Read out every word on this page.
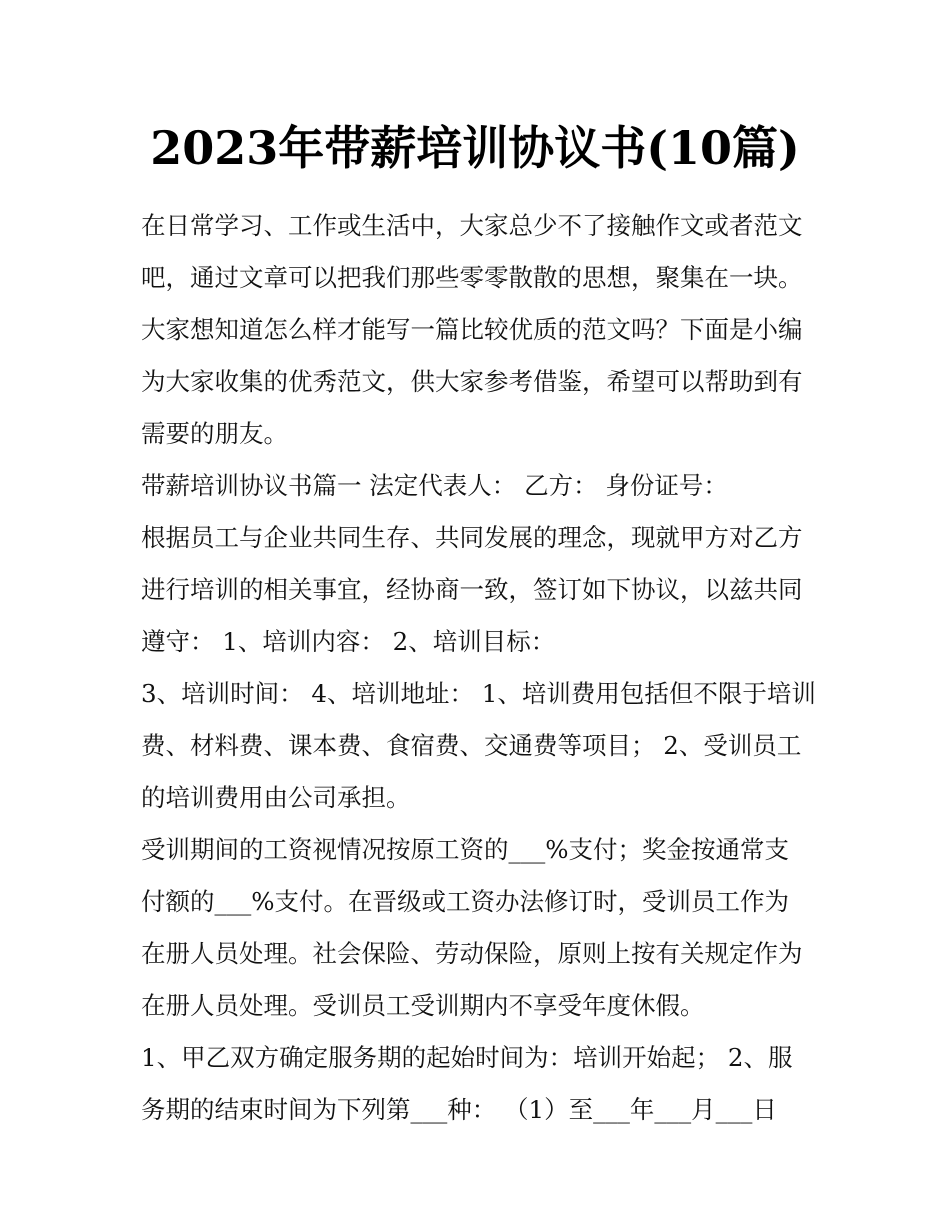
2023年带薪培训协议书(10篇)
在日常学习、工作或生活中，大家总少不了接触作文或者范文
吧，通过文章可以把我们那些零零散散的思想，聚集在一块。
大家想知道怎么样才能写一篇比较优质的范文吗？下面是小编
为大家收集的优秀范文，供大家参考借鉴，希望可以帮助到有
需要的朋友。
带薪培训协议书篇一 法定代表人： 乙方： 身份证号：
根据员工与企业共同生存、共同发展的理念，现就甲方对乙方
进行培训的相关事宜，经协商一致，签订如下协议，以兹共同
遵守： 1、培训内容： 2、培训目标：
3、培训时间： 4、培训地址： 1、培训费用包括但不限于培训
费、材料费、课本费、食宿费、交通费等项目； 2、受训员工
的培训费用由公司承担。
受训期间的工资视情况按原工资的___%支付；奖金按通常支
付额的___%支付。在晋级或工资办法修订时，受训员工作为
在册人员处理。社会保险、劳动保险，原则上按有关规定作为
在册人员处理。受训员工受训期内不享受年度休假。
1、甲乙双方确定服务期的起始时间为：培训开始起； 2、服
务期的结束时间为下列第___种： （1）至___年___月___日
